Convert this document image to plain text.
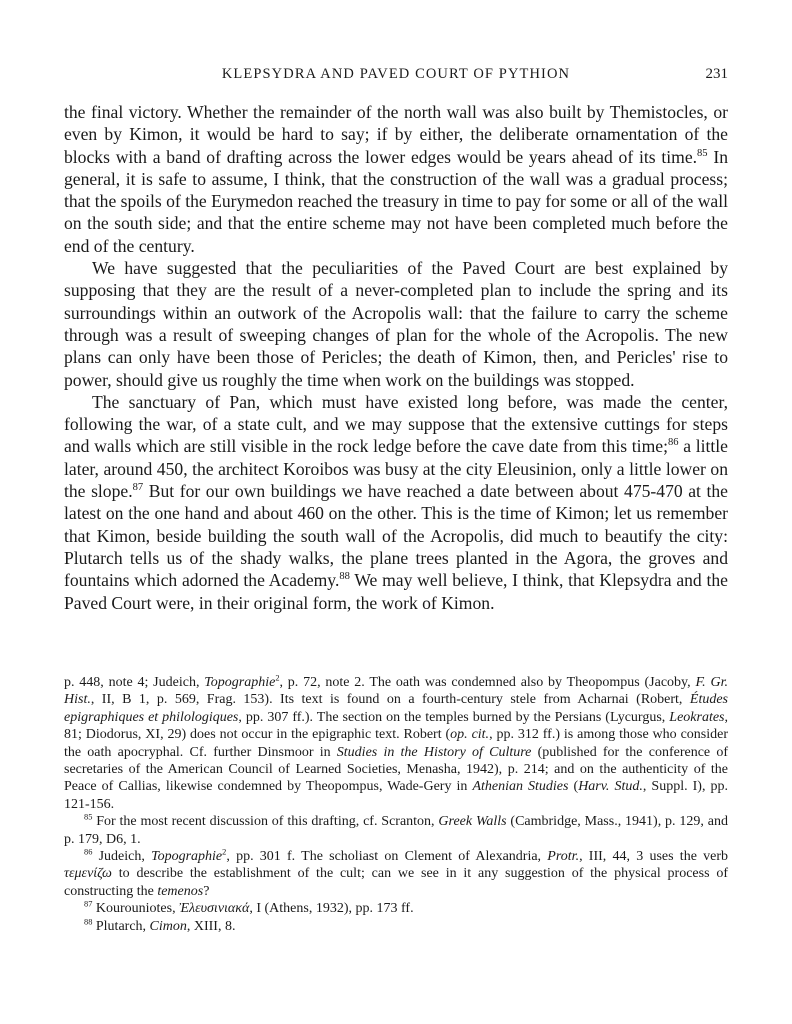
KLEPSYDRA AND PAVED COURT OF PYTHION	231

the final victory. Whether the remainder of the north wall was also built by Themistocles, or even by Kimon, it would be hard to say; if by either, the deliberate ornamentation of the blocks with a band of drafting across the lower edges would be years ahead of its time.$^{85}$ In general, it is safe to assume, I think, that the construction of the wall was a gradual process; that the spoils of the Eurymedon reached the treasury in time to pay for some or all of the wall on the south side; and that the entire scheme may not have been completed much before the end of the century.

We have suggested that the peculiarities of the Paved Court are best explained by supposing that they are the result of a never-completed plan to include the spring and its surroundings within an outwork of the Acropolis wall: that the failure to carry the scheme through was a result of sweeping changes of plan for the whole of the Acropolis. The new plans can only have been those of Pericles; the death of Kimon, then, and Pericles' rise to power, should give us roughly the time when work on the buildings was stopped.

The sanctuary of Pan, which must have existed long before, was made the center, following the war, of a state cult, and we may suppose that the extensive cuttings for steps and walls which are still visible in the rock ledge before the cave date from this time;$^{86}$ a little later, around 450, the architect Koroibos was busy at the city Eleusinion, only a little lower on the slope.$^{87}$ But for our own buildings we have reached a date between about 475-470 at the latest on the one hand and about 460 on the other. This is the time of Kimon; let us remember that Kimon, beside building the south wall of the Acropolis, did much to beautify the city: Plutarch tells us of the shady walks, the plane trees planted in the Agora, the groves and fountains which adorned the Academy.$^{88}$ We may well believe, I think, that Klepsydra and the Paved Court were, in their original form, the work of Kimon.

p. 448, note 4; Judeich, Topographie$^2$, p. 72, note 2. The oath was condemned also by Theopompus (Jacoby, F. Gr. Hist., II, B 1, p. 569, Frag. 153). Its text is found on a fourth-century stele from Acharnai (Robert, Études epigraphiques et philologiques, pp. 307 ff.). The section on the temples burned by the Persians (Lycurgus, Leokrates, 81; Diodorus, XI, 29) does not occur in the epigraphic text. Robert (op. cit., pp. 312 ff.) is among those who consider the oath apocryphal. Cf. further Dinsmoor in Studies in the History of Culture (published for the conference of secretaries of the American Council of Learned Societies, Menasha, 1942), p. 214; and on the authenticity of the Peace of Callias, likewise condemned by Theopompus, Wade-Gery in Athenian Studies (Harv. Stud., Suppl. I), pp. 121-156.

$^{85}$ For the most recent discussion of this drafting, cf. Scranton, Greek Walls (Cambridge, Mass., 1941), p. 129, and p. 179, D6, 1.

$^{86}$ Judeich, Topographie$^2$, pp. 301 f. The scholiast on Clement of Alexandria, Protr., III, 44, 3 uses the verb τεμενίζω to describe the establishment of the cult; can we see in it any suggestion of the physical process of constructing the temenos?

$^{87}$ Kourouniotes, Ἐλευσινιακά, I (Athens, 1932), pp. 173 ff.

$^{88}$ Plutarch, Cimon, XIII, 8.
